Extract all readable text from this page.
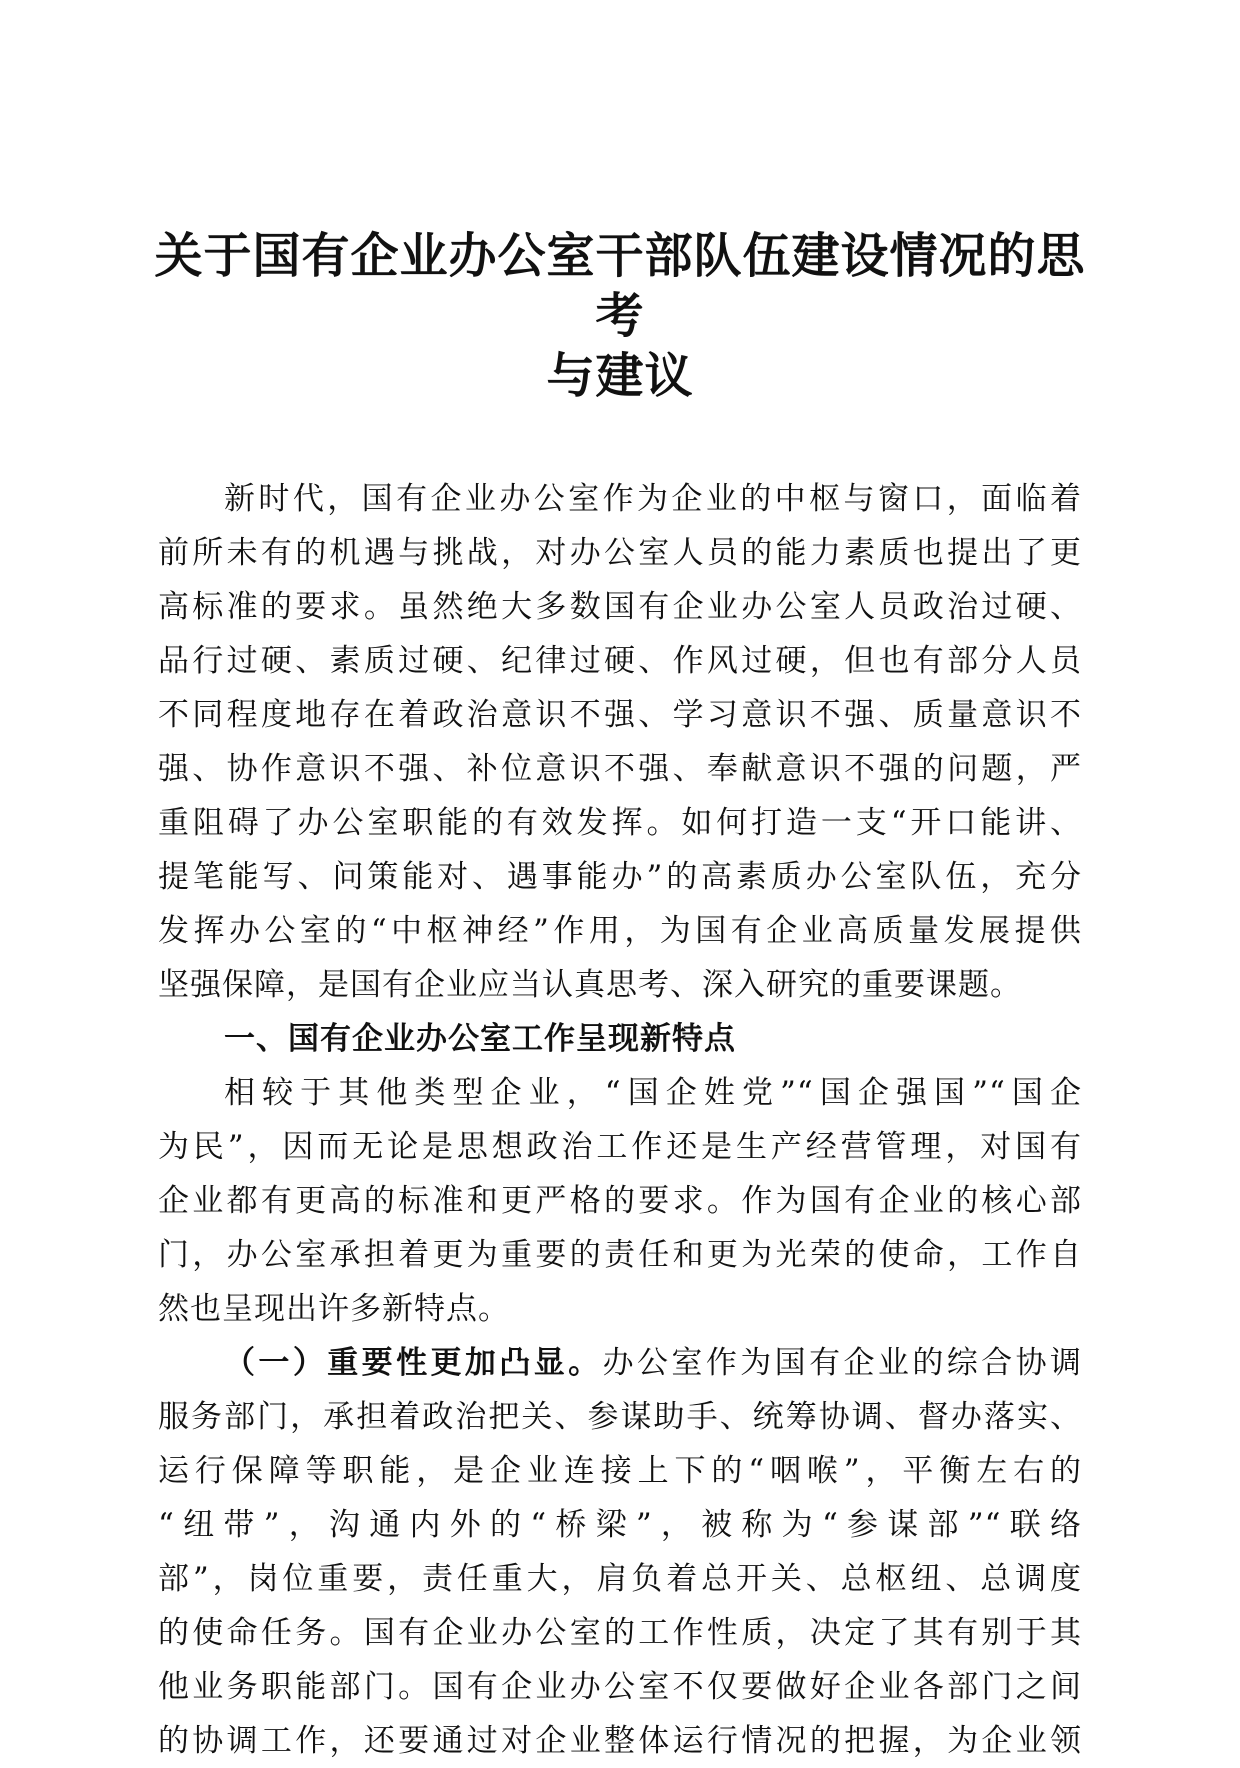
关于国有企业办公室干部队伍建设情况的思考
与建议
新时代，国有企业办公室作为企业的中枢与窗口，面临着
前所未有的机遇与挑战，对办公室人员的能力素质也提出了更
高标准的要求。虽然绝大多数国有企业办公室人员政治过硬、
品行过硬、素质过硬、纪律过硬、作风过硬，但也有部分人员
不同程度地存在着政治意识不强、学习意识不强、质量意识不
强、协作意识不强、补位意识不强、奉献意识不强的问题，严
重阻碍了办公室职能的有效发挥。如何打造一支“开口能讲、
提笔能写、问策能对、遇事能办”的高素质办公室队伍，充分
发挥办公室的“中枢神经”作用，为国有企业高质量发展提供
坚强保障，是国有企业应当认真思考、深入研究的重要课题。
一、国有企业办公室工作呈现新特点
相较于其他类型企业，“国企姓党”“国企强国”“国企
为民”，因而无论是思想政治工作还是生产经营管理，对国有
企业都有更高的标准和更严格的要求。作为国有企业的核心部
门，办公室承担着更为重要的责任和更为光荣的使命，工作自
然也呈现出许多新特点。
（一）重要性更加凸显。办公室作为国有企业的综合协调
服务部门，承担着政治把关、参谋助手、统筹协调、督办落实、
运行保障等职能，是企业连接上下的“咽喉”，平衡左右的
“纽带”，沟通内外的“桥梁”，被称为“参谋部”“联络
部”，岗位重要，责任重大，肩负着总开关、总枢纽、总调度
的使命任务。国有企业办公室的工作性质，决定了其有别于其
他业务职能部门。国有企业办公室不仅要做好企业各部门之间
的协调工作，还要通过对企业整体运行情况的把握，为企业领
